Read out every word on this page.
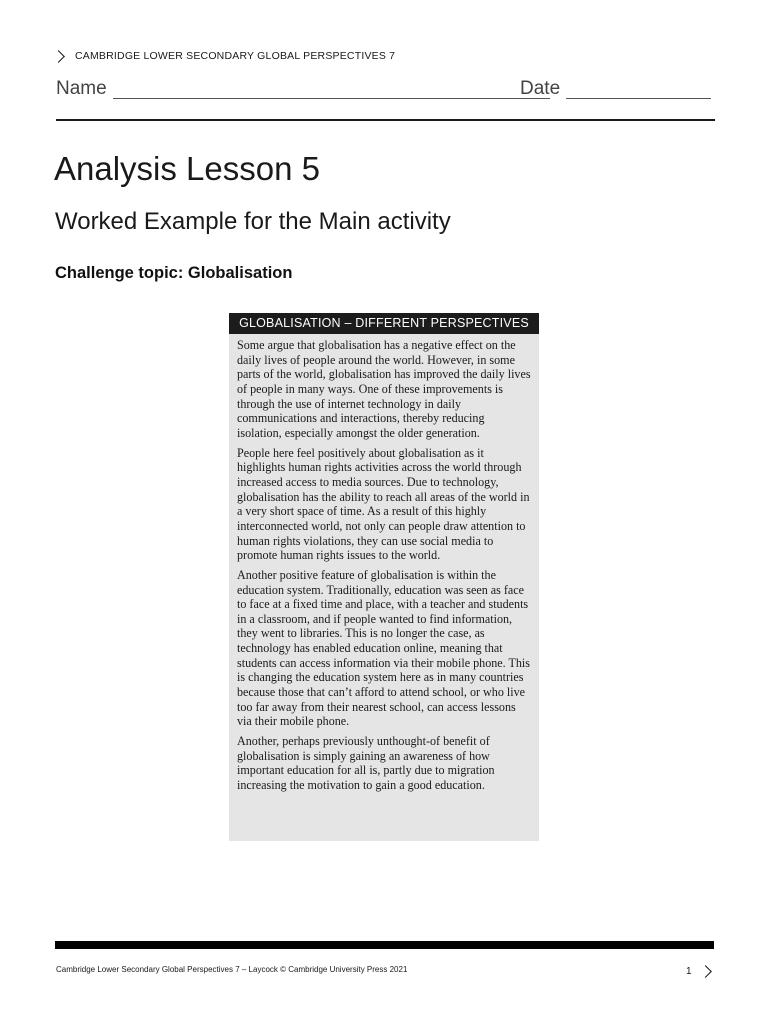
CAMBRIDGE LOWER SECONDARY GLOBAL PERSPECTIVES 7
Name	Date
Analysis Lesson 5
Worked Example for the Main activity
Challenge topic: Globalisation
GLOBALISATION – DIFFERENT PERSPECTIVES

Some argue that globalisation has a negative effect on the daily lives of people around the world. However, in some parts of the world, globalisation has improved the daily lives of people in many ways. One of these improvements is through the use of internet technology in daily communications and interactions, thereby reducing isolation, especially amongst the older generation.

People here feel positively about globalisation as it highlights human rights activities across the world through increased access to media sources. Due to technology, globalisation has the ability to reach all areas of the world in a very short space of time. As a result of this highly interconnected world, not only can people draw attention to human rights violations, they can use social media to promote human rights issues to the world.

Another positive feature of globalisation is within the education system. Traditionally, education was seen as face to face at a fixed time and place, with a teacher and students in a classroom, and if people wanted to find information, they went to libraries. This is no longer the case, as technology has enabled education online, meaning that students can access information via their mobile phone. This is changing the education system here as in many countries because those that can’t afford to attend school, or who live too far away from their nearest school, can access lessons via their mobile phone.

Another, perhaps previously unthought-of benefit of globalisation is simply gaining an awareness of how important education for all is, partly due to migration increasing the motivation to gain a good education.

Cambridge Lower Secondary Global Perspectives 7 – Laycock © Cambridge University Press 2021	1
